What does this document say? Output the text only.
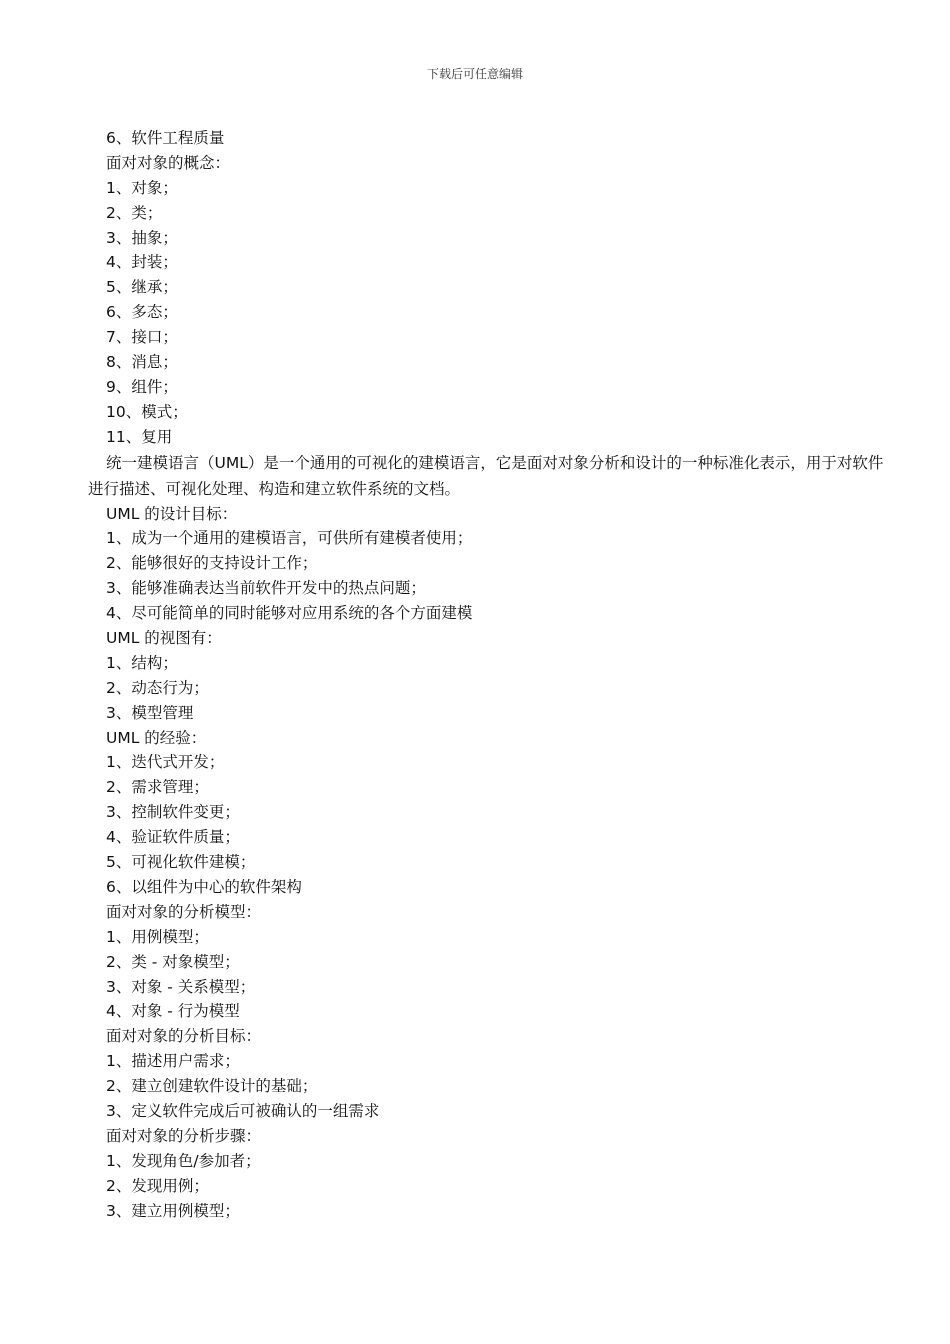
下载后可任意编辑
6、软件工程质量
面对对象的概念：
1、对象；
2、类；
3、抽象；
4、封装；
5、继承；
6、多态；
7、接口；
8、消息；
9、组件；
10、模式；
11、复用
统一建模语言（UML）是一个通用的可视化的建模语言，它是面对对象分析和设计的一种标准化表示，用于对软件进行描述、可视化处理、构造和建立软件系统的文档。
UML 的设计目标：
1、成为一个通用的建模语言，可供所有建模者使用；
2、能够很好的支持设计工作；
3、能够准确表达当前软件开发中的热点问题；
4、尽可能简单的同时能够对应用系统的各个方面建模
UML 的视图有：
1、结构；
2、动态行为；
3、模型管理
UML 的经验：
1、迭代式开发；
2、需求管理；
3、控制软件变更；
4、验证软件质量；
5、可视化软件建模；
6、以组件为中心的软件架构
面对对象的分析模型：
1、用例模型；
2、类 - 对象模型；
3、对象 - 关系模型；
4、对象 - 行为模型
面对对象的分析目标：
1、描述用户需求；
2、建立创建软件设计的基础；
3、定义软件完成后可被确认的一组需求
面对对象的分析步骤：
1、发现角色/参加者；
2、发现用例；
3、建立用例模型；
